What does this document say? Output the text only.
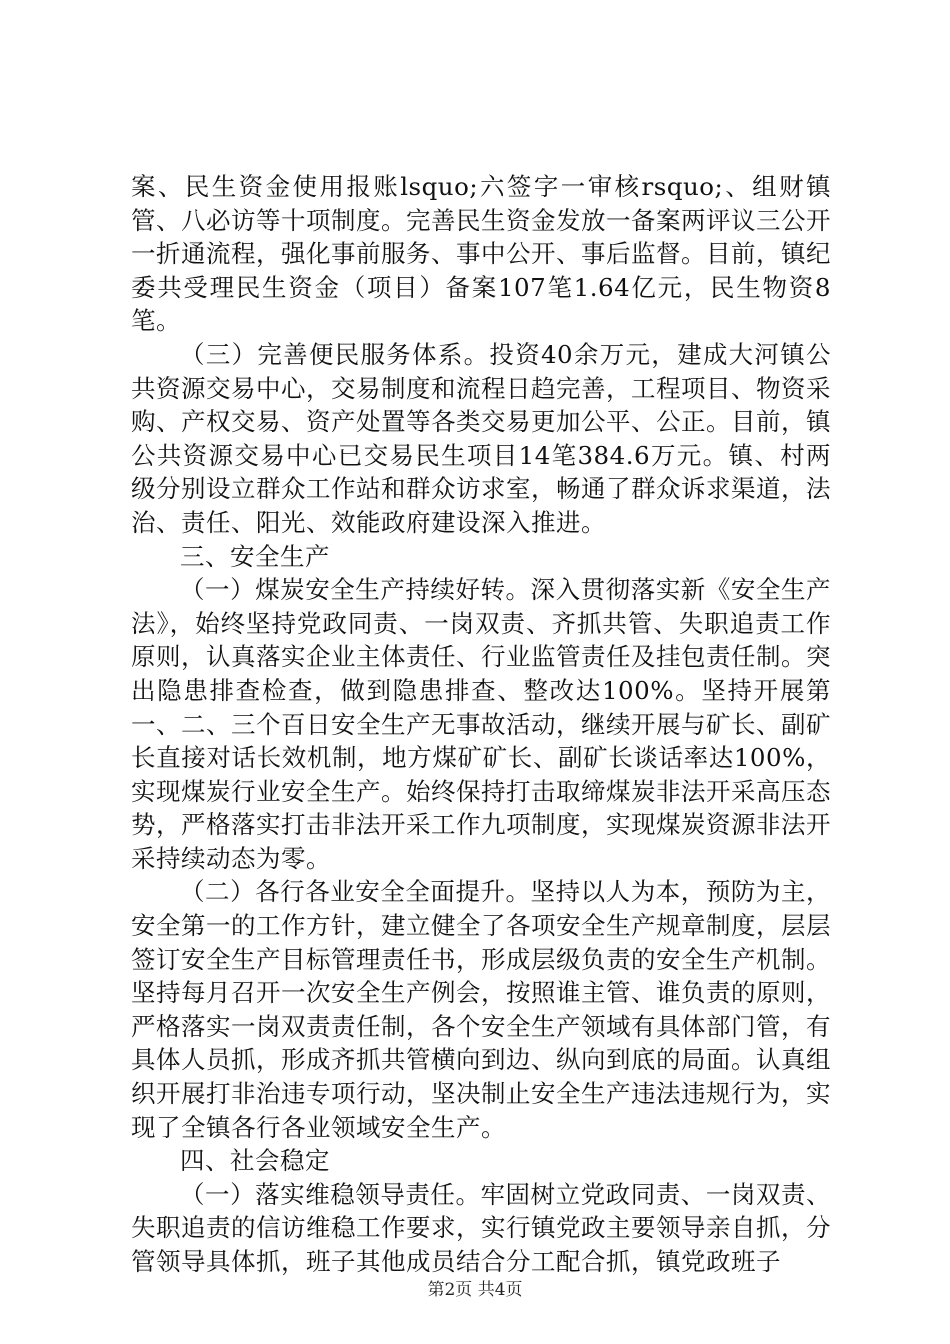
案、民生资金使用报账lsquo;六签字一审核rsquo;、组财镇管、八必访等十项制度。完善民生资金发放一备案两评议三公开一折通流程，强化事前服务、事中公开、事后监督。目前，镇纪委共受理民生资金（项目）备案107笔1.64亿元，民生物资8笔。

（三）完善便民服务体系。投资40余万元，建成大河镇公共资源交易中心，交易制度和流程日趋完善，工程项目、物资采购、产权交易、资产处置等各类交易更加公平、公正。目前，镇公共资源交易中心已交易民生项目14笔384.6万元。镇、村两级分别设立群众工作站和群众访求室，畅通了群众诉求渠道，法治、责任、阳光、效能政府建设深入推进。

三、安全生产

（一）煤炭安全生产持续好转。深入贯彻落实新《安全生产法》，始终坚持党政同责、一岗双责、齐抓共管、失职追责工作原则，认真落实企业主体责任、行业监管责任及挂包责任制。突出隐患排查检查，做到隐患排查、整改达100%。坚持开展第一、二、三个百日安全生产无事故活动，继续开展与矿长、副矿长直接对话长效机制，地方煤矿矿长、副矿长谈话率达100%，实现煤炭行业安全生产。始终保持打击取缔煤炭非法开采高压态势，严格落实打击非法开采工作九项制度，实现煤炭资源非法开采持续动态为零。

（二）各行各业安全全面提升。坚持以人为本，预防为主，安全第一的工作方针，建立健全了各项安全生产规章制度，层层签订安全生产目标管理责任书，形成层级负责的安全生产机制。坚持每月召开一次安全生产例会，按照谁主管、谁负责的原则，严格落实一岗双责责任制，各个安全生产领域有具体部门管，有具体人员抓，形成齐抓共管横向到边、纵向到底的局面。认真组织开展打非治违专项行动，坚决制止安全生产违法违规行为，实现了全镇各行各业领域安全生产。

四、社会稳定

（一）落实维稳领导责任。牢固树立党政同责、一岗双责、失职追责的信访维稳工作要求，实行镇党政主要领导亲自抓，分管领导具体抓，班子其他成员结合分工配合抓，镇党政班子

第2页 共4页
